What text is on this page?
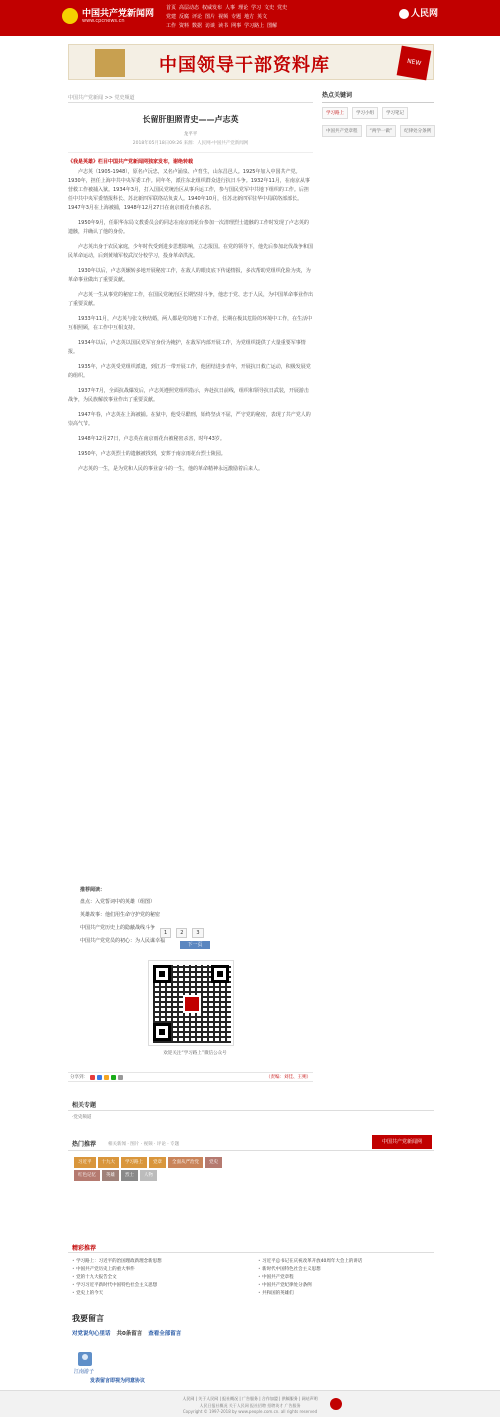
中国共产党新闻网
www.cpcnews.cn
首页 高层动态 权威发布 人事 理论 学习 文史 党史
党建 反腐 评论 图片 视频 专题 地方 英文
工作 资料 数据 访谈 读书 网事 学习路上 图解
人民网
中国领导干部资料库	NEW
中国共产党新闻 >> 党史频道	热点关键词
学习路上	学习小组	学习笔记
中国共产党章程	“两学一做”	纪律处分条例
长留肝胆照青史——卢志英
龙平平
2018年05月18日09:26 来源：人民网-中国共产党新闻网
《我是英雄》栏目中国共产党新闻网独家发布，谢绝转载

卢志英（1905-1948），原名卢沅忠，又名卢涌泉、卢育生，山东昌邑人。1925年加入中国共产党。1930年，担任上海中共中央军委工作。同年冬，派往东北组织群众进行抗日斗争。1932年11月，在南京从事营救工作被捕入狱。1934年3月，打入国民党统治区从事兵运工作，参与国民党军中共地下组织的工作。后担任中共中央军委情报科长、苏北新四军联络站负责人。1940年10月，任苏北新四军驻华中局联络部部长。1947年3月在上海被捕，1948年12月27日在南京雨花台被杀害。

1950年9月，任职华东局文教委员会的同志在南京雨花台参加一次清理烈士遗骸的工作时发现了卢志英的遗骸，并确认了他的身份。

卢志英出身于农民家庭，少年时代受到进步思想影响，立志报国。在党的领导下，他先后参加北伐战争和国民革命运动，后到黄埔军校武汉分校学习，投身革命洪流。

1930年以后，卢志英辗转多地开展秘密工作，在敌人的眼皮底下传递情报，多次帮助党组织化险为夷，为革命事业做出了重要贡献。

卢志英一生从事党的秘密工作，在国民党统治区长期坚持斗争，他忠于党、忠于人民，为中国革命事业作出了重要贡献。

1933年11月，卢志英与张文秋结婚，两人都是党的地下工作者，长期在极其危险的环境中工作，在生活中互相照顾，在工作中互相支持。

1934年以后，卢志英以国民党军官身份为掩护，在敌军内部开展工作，为党组织提供了大量重要军事情报。

1935年，卢志英受党组织派遣，到江苏一带开展工作，他团结进步青年，开展抗日救亡运动，积极发展党的组织。

1937年7月，全面抗战爆发后，卢志英遵照党组织指示，奔赴抗日前线，组织和领导抗日武装，开展游击战争，为民族解放事业作出了重要贡献。

1947年春，卢志英在上海被捕。在狱中，他受尽酷刑，始终坚贞不屈，严守党的秘密，表现了共产党人的崇高气节。

1948年12月27日，卢志英在南京雨花台被秘密杀害，时年43岁。

1950年，卢志英烈士的遗骸被找到，安葬于南京雨花台烈士陵园。

卢志英的一生，是为党和人民的事业奋斗的一生，他的革命精神永远激励着后来人。

推荐阅读：
盘点：入党誓词中的英雄（组图）
英雄故事：他们用生命守护党的秘密
中国共产党历史上的隐蔽战线斗争
中国共产党党员的初心：为人民谋幸福
1	2	3
下一页
欢迎关注“学习路上”微信公众号
分享到：	（责编：刘佳、王朔）
相关专题
·党史频道
热门推荐	相关新闻 · 图片 · 视频 · 评论 · 专题	中国共产党新闻网
习近平	十九大	学习路上	党章	全面从严治党	党史
红色记忆	英雄	烈士	人物
精彩推荐
• 学习路上：习近平的治国理政新理念新思想	• 习近平总书记在庆祝改革开放40周年大会上的讲话
• 中国共产党历史上的重大事件	• 新时代中国特色社会主义思想
• 党的十九大报告全文	• 中国共产党章程
• 学习习近平新时代中国特色社会主义思想	• 中国共产党纪律处分条例
• 党史上的今天	• 共和国的英雄们
我要留言
对党说句心里话 共0条留言 查看全部留言
江南游子
发表留言即视为同意协议
人民网 | 关于人民网 | 报社概况 | 广告服务 | 合作加盟 | 供稿服务 | 网站声明
人民日报社概况 关于人民网 报社招聘 招聘英才 广告服务
Copyright © 1997-2018 by www.people.com.cn. all rights reserved
